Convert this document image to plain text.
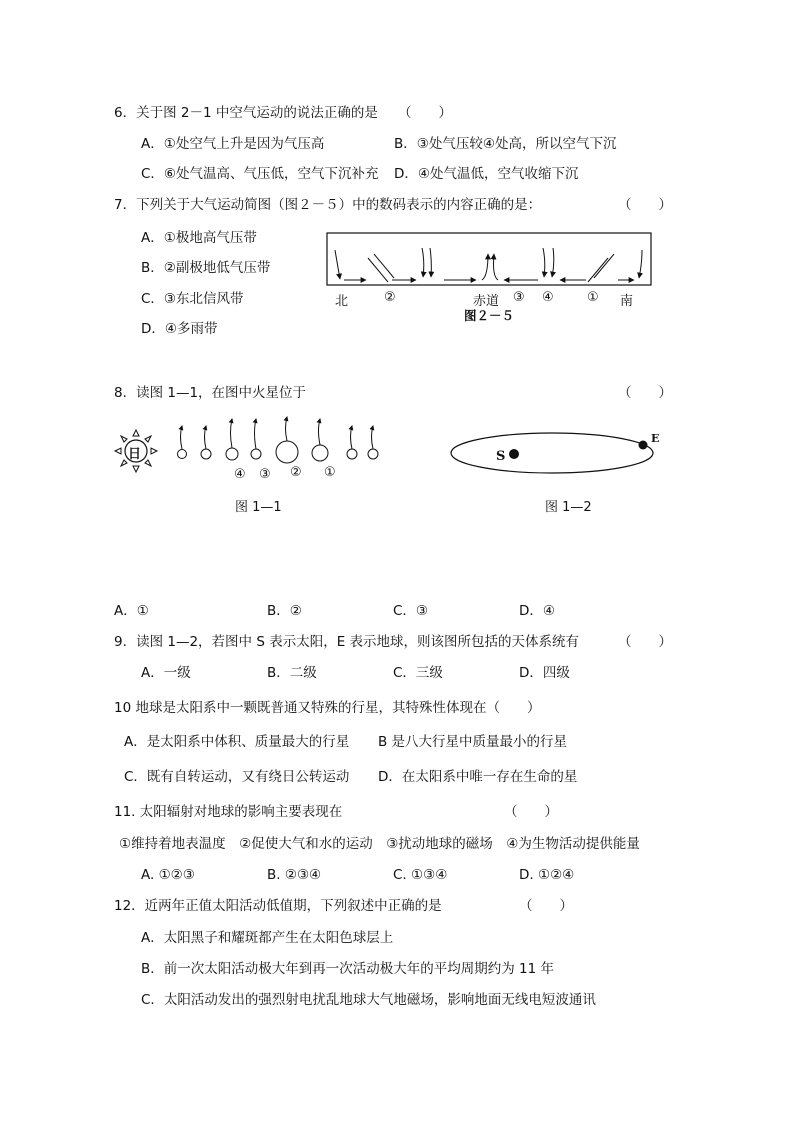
6．关于图 2－1 中空气运动的说法正确的是 （　　）
A．①处空气上升是因为气压高	B．③处气压较④处高，所以空气下沉
C．⑥处气温高、气压低，空气下沉补充 D．④处气温低，空气收缩下沉
7．下列关于大气运动简图（图２－５）中的数码表示的内容正确的是：	（　　）
A．①极地高气压带
B．②副极地低气压带
C．③东北信风带
D．④多雨带
北	②	赤道 ③ ④	① 南
图２－５
8．读图 1—1，在图中火星位于	（　　）
日
④ ③ ② ①
图 1—1
S
E
图 1—2
A．①	B．②	C．③	D．④
9．读图 1—2，若图中 S 表示太阳，E 表示地球，则该图所包括的天体系统有	（　　）
A．一级	B．二级	C．三级	D．四级
10 地球是太阳系中一颗既普通又特殊的行星，其特殊性体现在（　　）
A．是太阳系中体积、质量最大的行星 B 是八大行星中质量最小的行星
C．既有自转运动，又有绕日公转运动 D．在太阳系中唯一存在生命的星
11. 太阳辐射对地球的影响主要表现在	（　　）
①维持着地表温度　②促使大气和水的运动　③扰动地球的磁场　④为生物活动提供能量
A. ①②③	B. ②③④	C. ①③④	D. ①②④
12．近两年正值太阳活动低值期，下列叙述中正确的是	（　　）
A．太阳黑子和耀斑都产生在太阳色球层上
B．前一次太阳活动极大年到再一次活动极大年的平均周期约为 11 年
C．太阳活动发出的强烈射电扰乱地球大气地磁场，影响地面无线电短波通讯
